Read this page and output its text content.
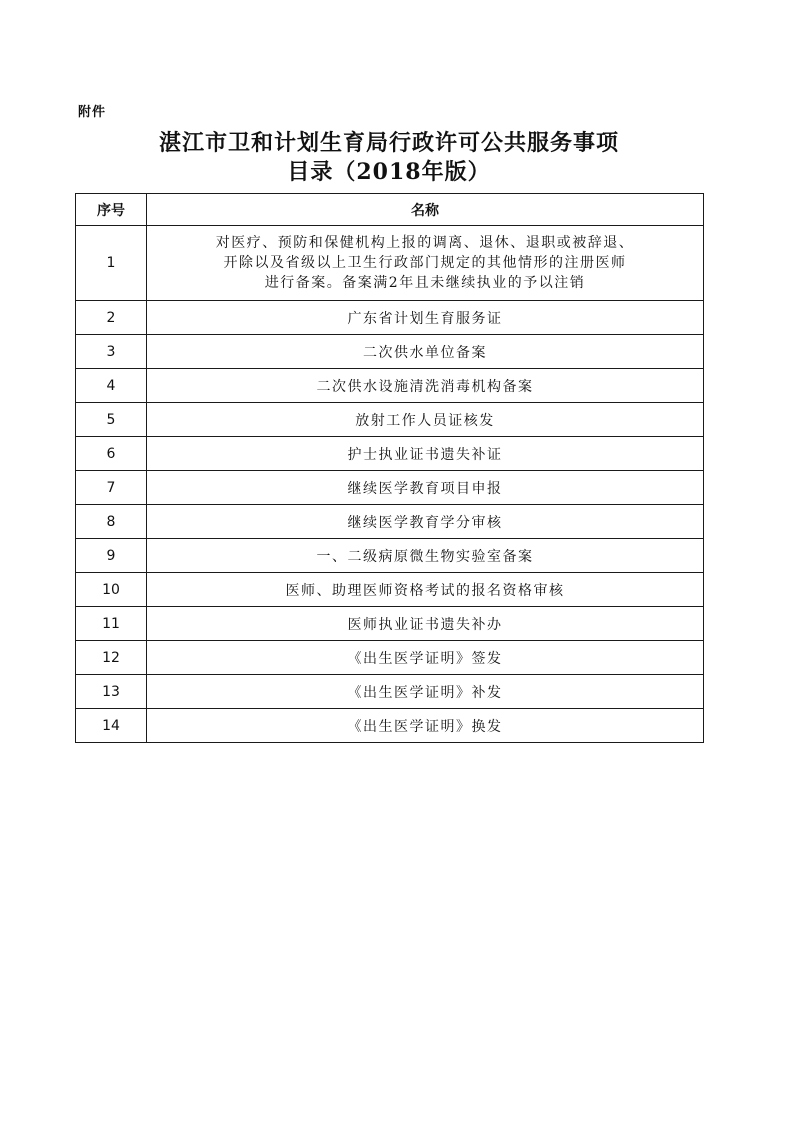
附件
湛江市卫和计划生育局行政许可公共服务事项
目录（2018年版）
序号	名称
1	对医疗、预防和保健机构上报的调离、退休、退职或被辞退、
开除以及省级以上卫生行政部门规定的其他情形的注册医师
进行备案。备案满2年且未继续执业的予以注销
2	广东省计划生育服务证
3	二次供水单位备案
4	二次供水设施清洗消毒机构备案
5	放射工作人员证核发
6	护士执业证书遗失补证
7	继续医学教育项目申报
8	继续医学教育学分审核
9	一、二级病原微生物实验室备案
10	医师、助理医师资格考试的报名资格审核
11	医师执业证书遗失补办
12	《出生医学证明》签发
13	《出生医学证明》补发
14	《出生医学证明》换发
